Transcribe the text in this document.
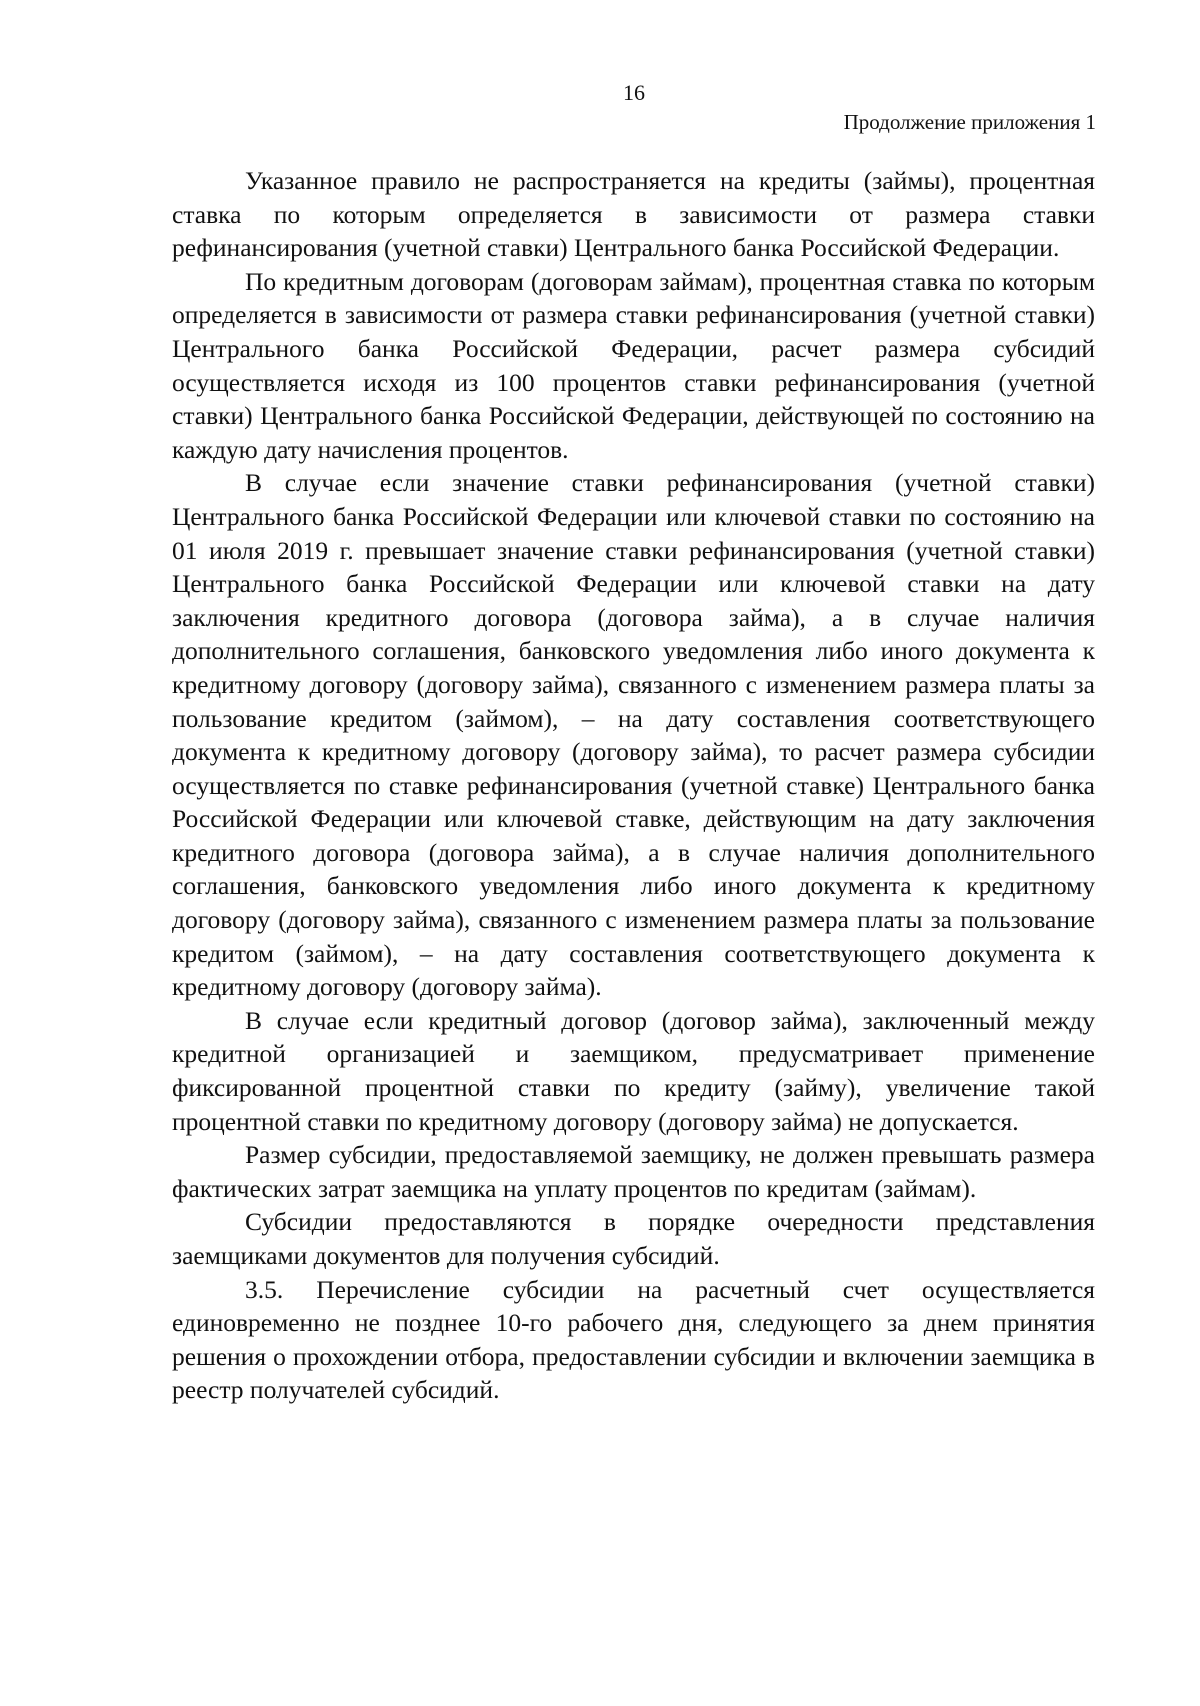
16
Продолжение приложения 1

Указанное правило не распространяется на кредиты (займы), процентная ставка по которым определяется в зависимости от размера ставки рефинансирования (учетной ставки) Центрального банка Российской Федерации.

По кредитным договорам (договорам займам), процентная ставка по которым определяется в зависимости от размера ставки рефинансирования (учетной ставки) Центрального банка Российской Федерации, расчет размера субсидий осуществляется исходя из 100 процентов ставки рефинансирования (учетной ставки) Центрального банка Российской Федерации, действующей по состоянию на каждую дату начисления процентов.

В случае если значение ставки рефинансирования (учетной ставки) Центрального банка Российской Федерации или ключевой ставки по состоянию на 01 июля 2019 г. превышает значение ставки рефинансирования (учетной ставки) Центрального банка Российской Федерации или ключевой ставки на дату заключения кредитного договора (договора займа), а в случае наличия дополнительного соглашения, банковского уведомления либо иного документа к кредитному договору (договору займа), связанного с изменением размера платы за пользование кредитом (займом), – на дату составления соответствующего документа к кредитному договору (договору займа), то расчет размера субсидии осуществляется по ставке рефинансирования (учетной ставке) Центрального банка Российской Федерации или ключевой ставке, действующим на дату заключения кредитного договора (договора займа), а в случае наличия дополнительного соглашения, банковского уведомления либо иного документа к кредитному договору (договору займа), связанного с изменением размера платы за пользование кредитом (займом), – на дату составления соответствующего документа к кредитному договору (договору займа).

В случае если кредитный договор (договор займа), заключенный между кредитной организацией и заемщиком, предусматривает применение фиксированной процентной ставки по кредиту (займу), увеличение такой процентной ставки по кредитному договору (договору займа) не допускается.

Размер субсидии, предоставляемой заемщику, не должен превышать размера фактических затрат заемщика на уплату процентов по кредитам (займам).

Субсидии предоставляются в порядке очередности представления заемщиками документов для получения субсидий.

3.5. Перечисление субсидии на расчетный счет осуществляется единовременно не позднее 10-го рабочего дня, следующего за днем принятия решения о прохождении отбора, предоставлении субсидии и включении заемщика в реестр получателей субсидий.
